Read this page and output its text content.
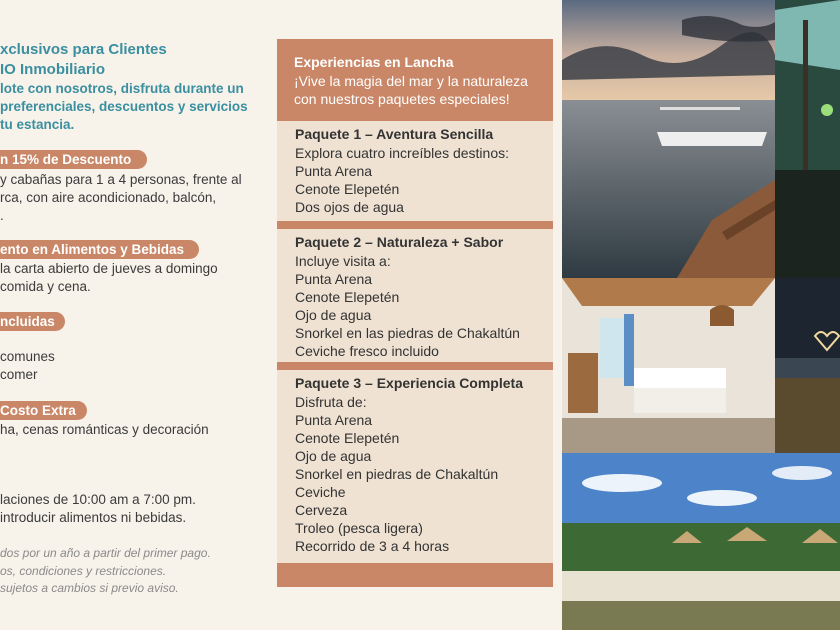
xclusivos para Clientes
IO Inmobiliario
lote con nosotros, disfruta durante un
preferenciales, descuentos y servicios
tu estancia.
n 15% de Descuento
y cabañas para 1 a 4 personas, frente al
rca, con aire acondicionado, balcón,
.
ento en Alimentos y Bebidas
la carta abierto de jueves a domingo
comida y cena.
ncluidas
comunes
comer
Costo Extra
ha, cenas románticas y decoración
laciones de 10:00 am a 7:00 pm.
introducir alimentos ni bebidas.
dos por un año a partir del primer pago.
os, condiciones y restricciones.
sujetos a cambios si previo aviso.
Experiencias en Lancha
¡Vive la magia del mar y la naturaleza
con nuestros paquetes especiales!
Paquete 1 – Aventura Sencilla
Explora cuatro increíbles destinos:
Punta Arena
Cenote Elepetén
Dos ojos de agua
Paquete 2 – Naturaleza + Sabor
Incluye visita a:
Punta Arena
Cenote Elepetén
Ojo de agua
Snorkel en las piedras de Chakaltún
Ceviche fresco incluido
Paquete 3 – Experiencia Completa
Disfruta de:
Punta Arena
Cenote Elepetén
Ojo de agua
Snorkel en piedras de Chakaltún
Ceviche
Cerveza
Troleo (pesca ligera)
Recorrido de 3 a 4 horas
